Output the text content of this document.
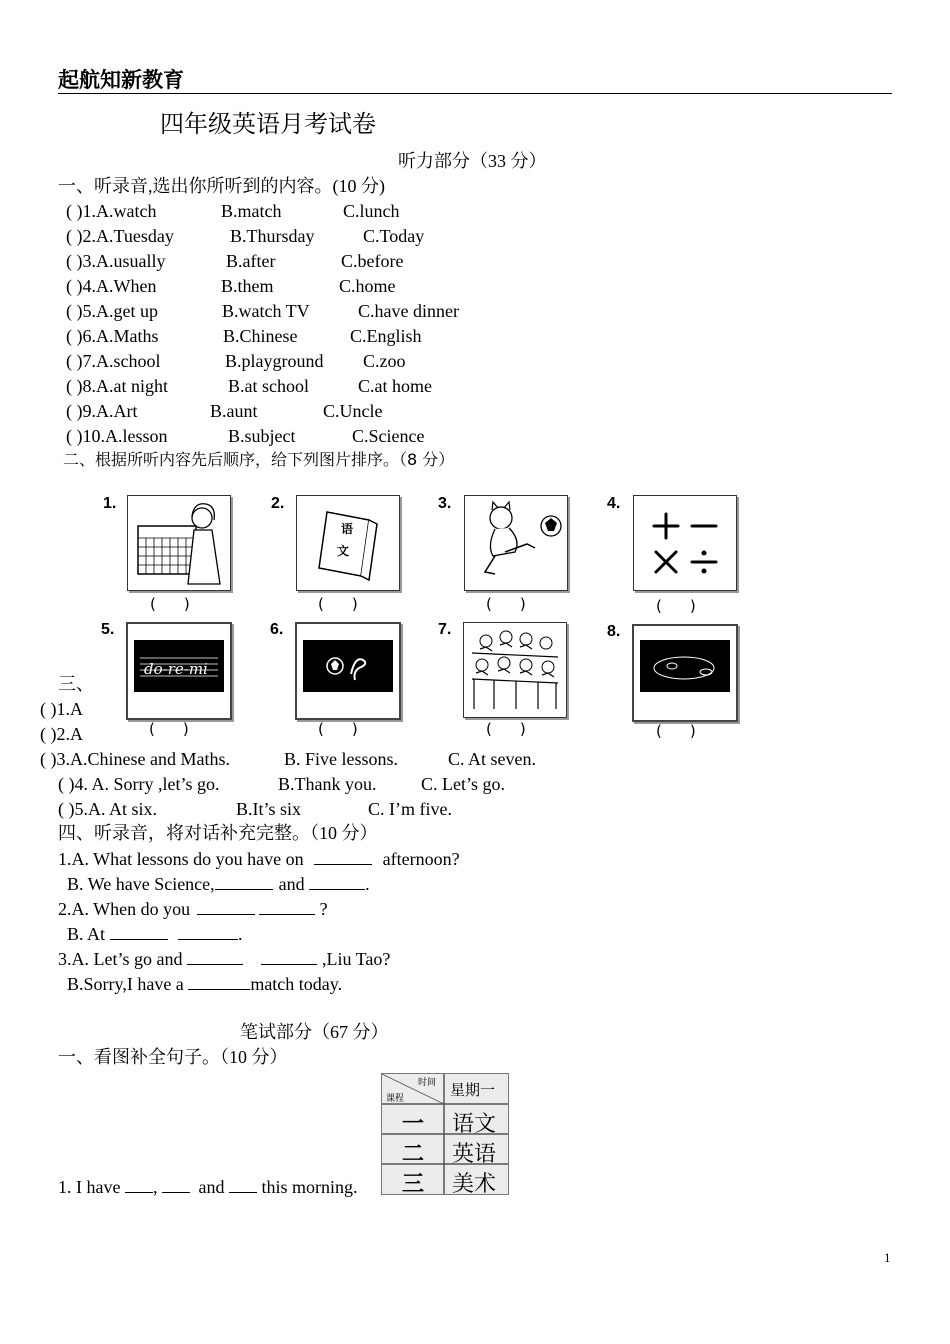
起航知新教育
四年级英语月考试卷
听力部分（33 分）
一、听录音,选出你所听到的内容。(10 分)
( )1.A.watch	B.match	C.lunch
( )2.A.Tuesday	B.Thursday	C.Today
( )3.A.usually	B.after	C.before
( )4.A.When	B.them	C.home
( )5.A.get up	B.watch TV	C.have dinner
( )6.A.Maths	B.Chinese	C.English
( )7.A.school	B.playground C.zoo
( )8.A.at night	B.at school	C.at home
( )9.A.Art	B.aunt	C.Uncle
( )10.A.lesson	B.subject	C.Science
二、根据所听内容先后顺序，给下列图片排序。（8 分）
1.
()
2.
语
文
()
3.
()
4.
()
5.
do-re-mi
()
6.
()
7.
()
8.
()
三、
( )1.A
( )2.A
( )3.A.Chinese and Maths.	B. Five lessons.	C. At seven.
( )4. A. Sorry ,let’s go.	B.Thank you. C. Let’s go.
( )5.A. At six.	B.It’s six	C. I’m five.
四、听录音，将对话补充完整。（10 分）
1.A. What lessons do you have on	afternoon?
B. We have Science,	and	.
2.A. When do you	?
B. At	.
3.A. Let’s go and	,Liu Tao?
B.Sorry,I have a	match today.
笔试部分（67 分）
一、看图补全句子。（10 分）
1. I have , and this morning.
时间
课程	星期一
一 语文
二 英语
三 美术
1
